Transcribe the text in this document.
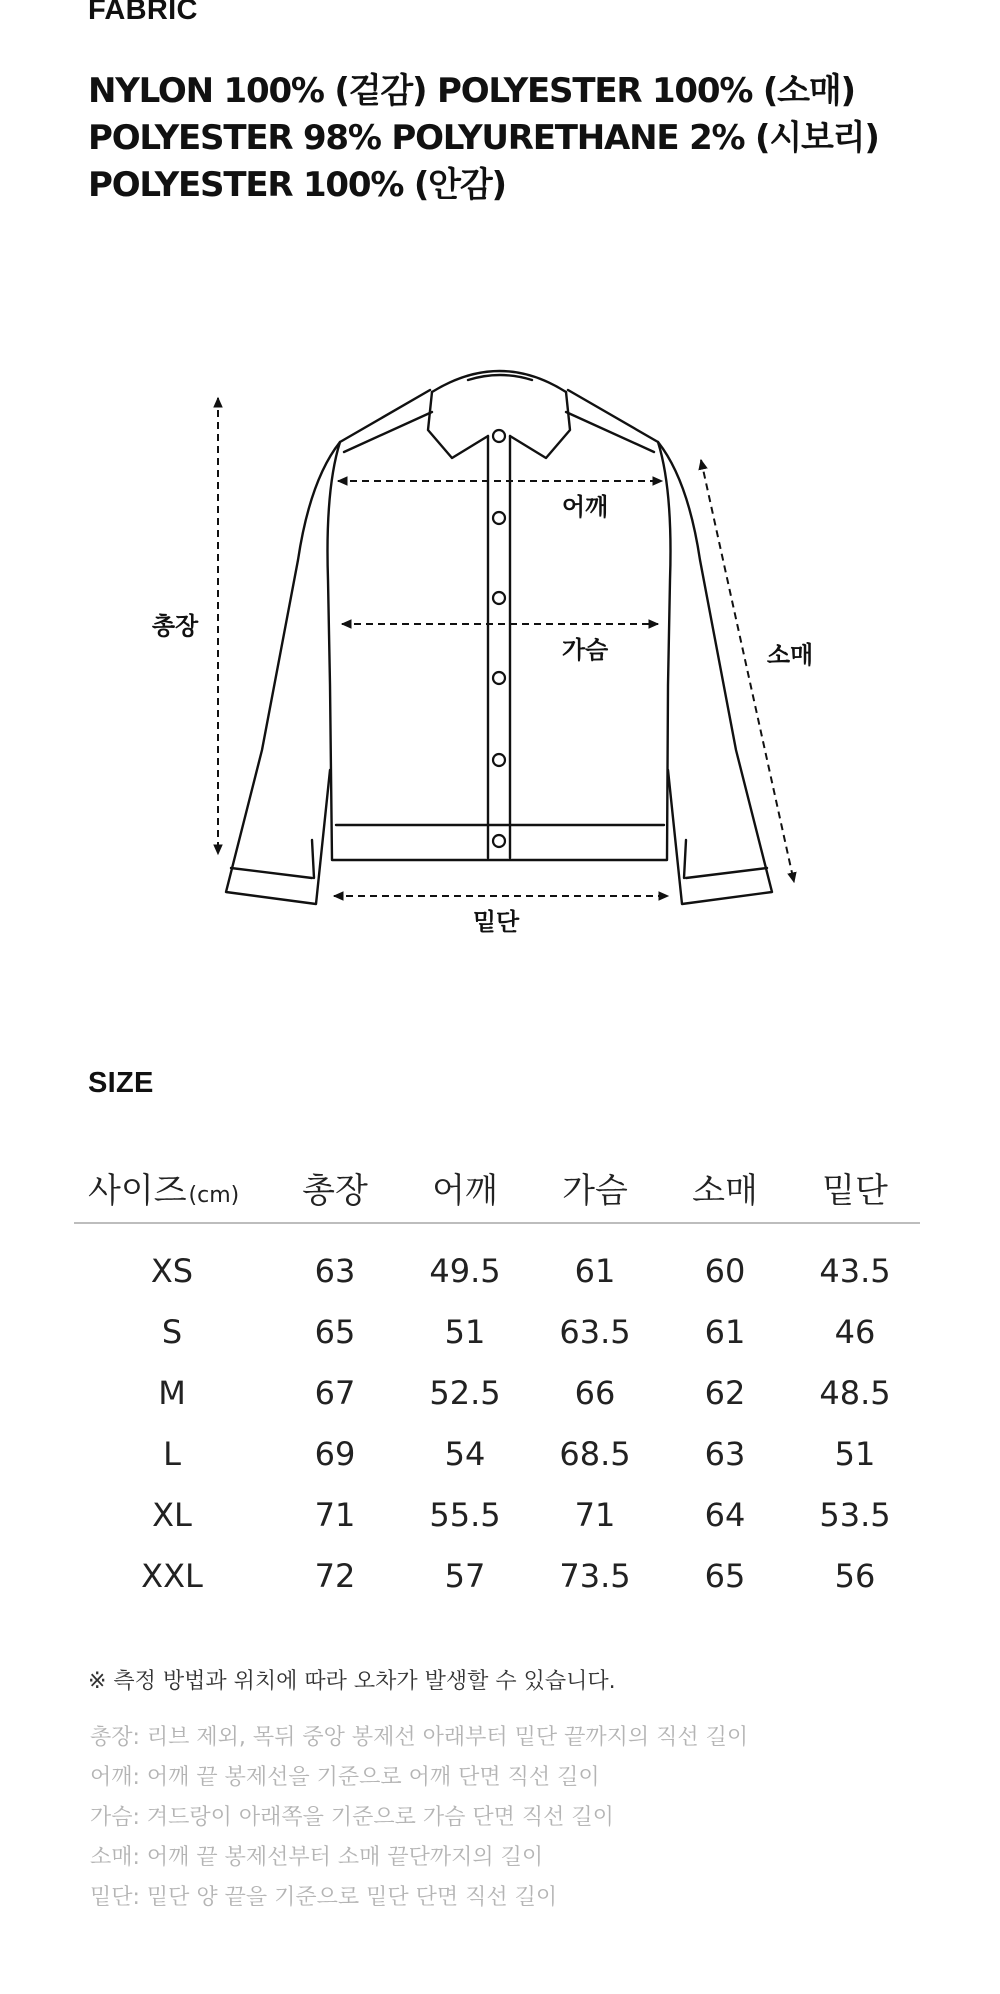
FABRIC
NYLON 100% (겉감) POLYESTER 100% (소매)
POLYESTER 98% POLYURETHANE 2% (시보리)
POLYESTER 100% (안감)
총장
어깨
가슴	소매
밑단
SIZE
사이즈(cm)	총장	어깨	가슴	소매	밑단
XS	63	49.5	61	60	43.5
S	65	51	63.5	61	46
M	67	52.5	66	62	48.5
L	69	54	68.5	63	51
XL	71	55.5	71	64	53.5
XXL	72	57	73.5	65	56

※ 측정 방법과 위치에 따라 오차가 발생할 수 있습니다.

총장: 리브 제외, 목뒤 중앙 봉제선 아래부터 밑단 끝까지의 직선 길이
어깨: 어깨 끝 봉제선을 기준으로 어깨 단면 직선 길이
가슴: 겨드랑이 아래쪽을 기준으로 가슴 단면 직선 길이
소매: 어깨 끝 봉제선부터 소매 끝단까지의 길이
밑단: 밑단 양 끝을 기준으로 밑단 단면 직선 길이
